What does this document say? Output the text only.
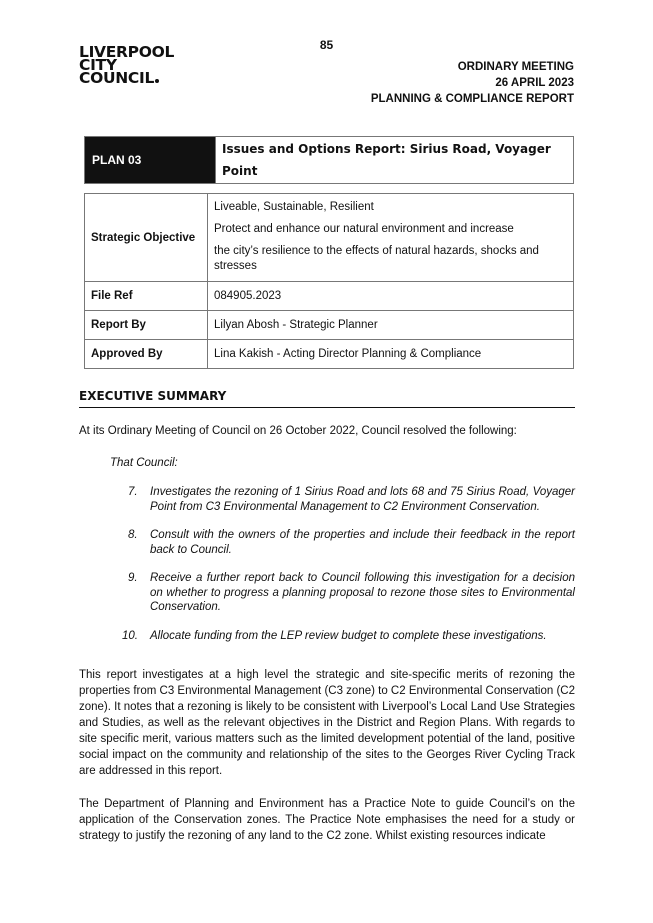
85
LIVERPOOL
CITY
COUNCIL
ORDINARY MEETING
26 APRIL 2023
PLANNING & COMPLIANCE REPORT
PLAN 03	Issues and Options Report: Sirius Road, Voyager Point
Strategic Objective	Liveable, Sustainable, Resilient

Protect and enhance our natural environment and increase

the city’s resilience to the effects of natural hazards, shocks and stresses

File Ref	084905.2023
Report By	Lilyan Abosh - Strategic Planner
Approved By	Lina Kakish - Acting Director Planning & Compliance
EXECUTIVE SUMMARY
At its Ordinary Meeting of Council on 26 October 2022, Council resolved the following:
That Council:
7.	Investigates the rezoning of 1 Sirius Road and lots 68 and 75 Sirius Road, Voyager Point from C3 Environmental Management to C2 Environment Conservation.
8.	Consult with the owners of the properties and include their feedback in the report back to Council.
9.	Receive a further report back to Council following this investigation for a decision on whether to progress a planning proposal to rezone those sites to Environmental Conservation.
10.	Allocate funding from the LEP review budget to complete these investigations.

This report investigates at a high level the strategic and site-specific merits of rezoning the properties from C3 Environmental Management (C3 zone) to C2 Environmental Conservation (C2 zone). It notes that a rezoning is likely to be consistent with Liverpool’s Local Land Use Strategies and Studies, as well as the relevant objectives in the District and Region Plans. With regards to site specific merit, various matters such as the limited development potential of the land, positive social impact on the community and relationship of the sites to the Georges River Cycling Track are addressed in this report.

The Department of Planning and Environment has a Practice Note to guide Council’s on the application of the Conservation zones. The Practice Note emphasises the need for a study or strategy to justify the rezoning of any land to the C2 zone. Whilst existing resources indicate
